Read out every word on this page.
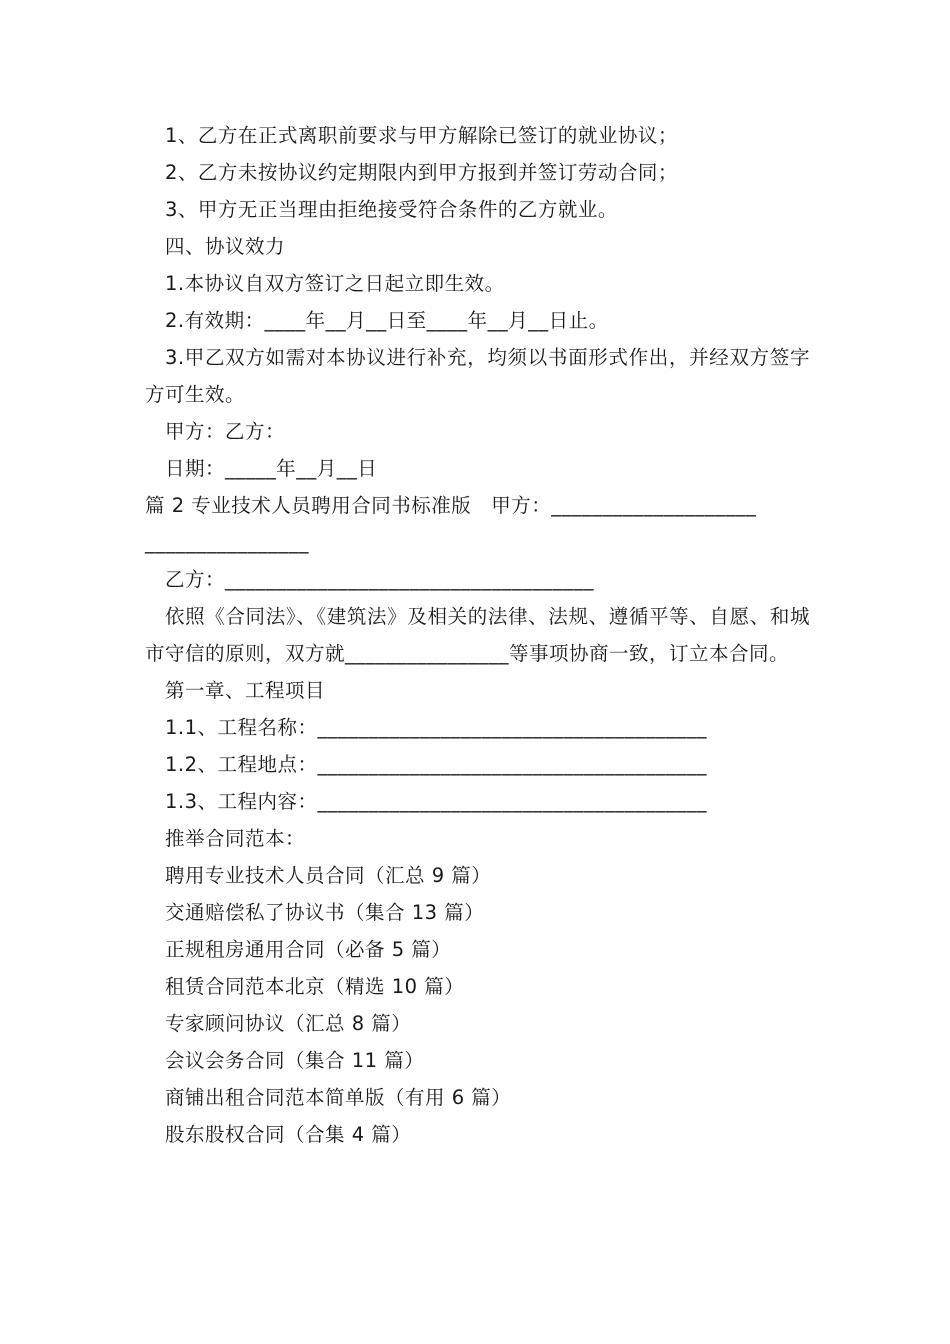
1、乙方在正式离职前要求与甲方解除已签订的就业协议；
2、乙方未按协议约定期限内到甲方报到并签订劳动合同；
3、甲方无正当理由拒绝接受符合条件的乙方就业。
四、协议效力
1.本协议自双方签订之日起立即生效。
2.有效期：____年__月__日至____年__月__日止。
3.甲乙双方如需对本协议进行补充，均须以书面形式作出，并经双方签字方可生效。
甲方：乙方：
日期：_____年__月__日
篇 2 专业技术人员聘用合同书标准版　甲方：____________________
________________
乙方：____________________________________
依照《合同法》、《建筑法》及相关的法律、法规、遵循平等、自愿、和城市守信的原则，双方就________________等事项协商一致，订立本合同。
第一章、工程项目
1.1、工程名称：______________________________________
1.2、工程地点：______________________________________
1.3、工程内容：______________________________________
推举合同范本：
聘用专业技术人员合同（汇总 9 篇）
交通赔偿私了协议书（集合 13 篇）
正规租房通用合同（必备 5 篇）
租赁合同范本北京（精选 10 篇）
专家顾问协议（汇总 8 篇）
会议会务合同（集合 11 篇）
商铺出租合同范本简单版（有用 6 篇）
股东股权合同（合集 4 篇）
